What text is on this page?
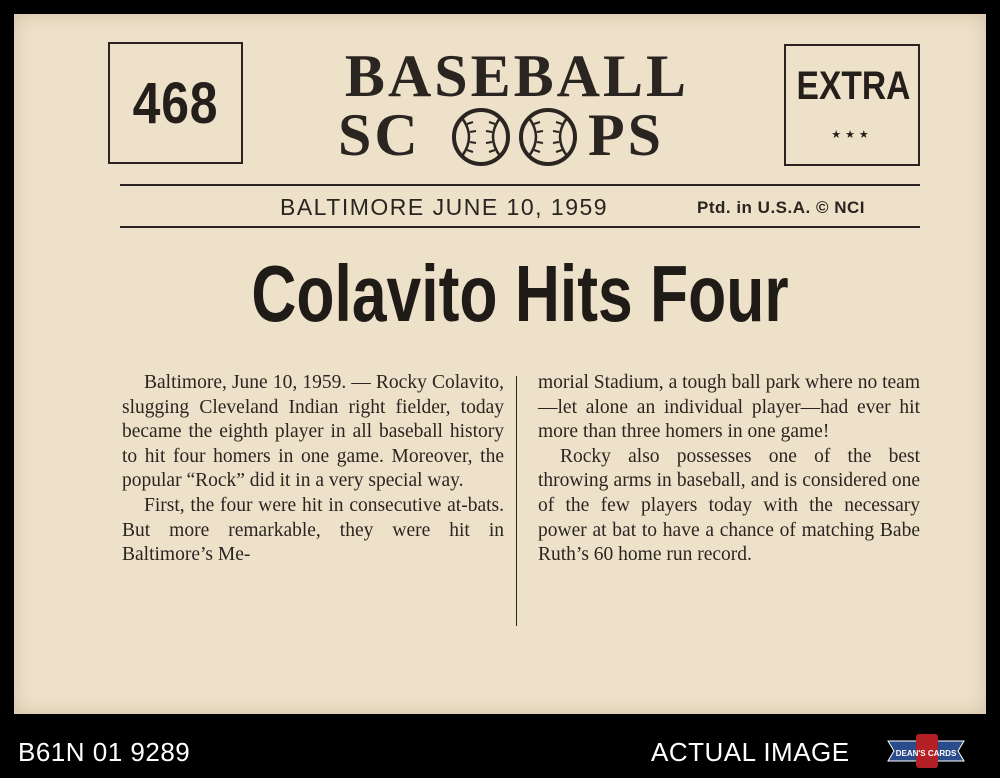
468	BASEBALL
SC	PS
EXTRA
★★★
BALTIMORE JUNE 10, 1959	Ptd. in U.S.A. © NCI
Colavito Hits Four

Baltimore, June 10, 1959. — Rocky Colavito, slugging Cleveland Indian right fielder, today became the eighth player in all baseball history to hit four homers in one game. Moreover, the popular “Rock” did it in a very special way.

First, the four were hit in consecutive at-bats. But more remarkable, they were hit in Baltimore’s Me-

morial Stadium, a tough ball park where no team—let alone an individual player—had ever hit more than three homers in one game!

Rocky also possesses one of the best throwing arms in baseball, and is considered one of the few players today with the necessary power at bat to have a chance of matching Babe Ruth’s 60 home run record.

B61N 01 9289	ACTUAL IMAGE	DEAN'S CARDS
